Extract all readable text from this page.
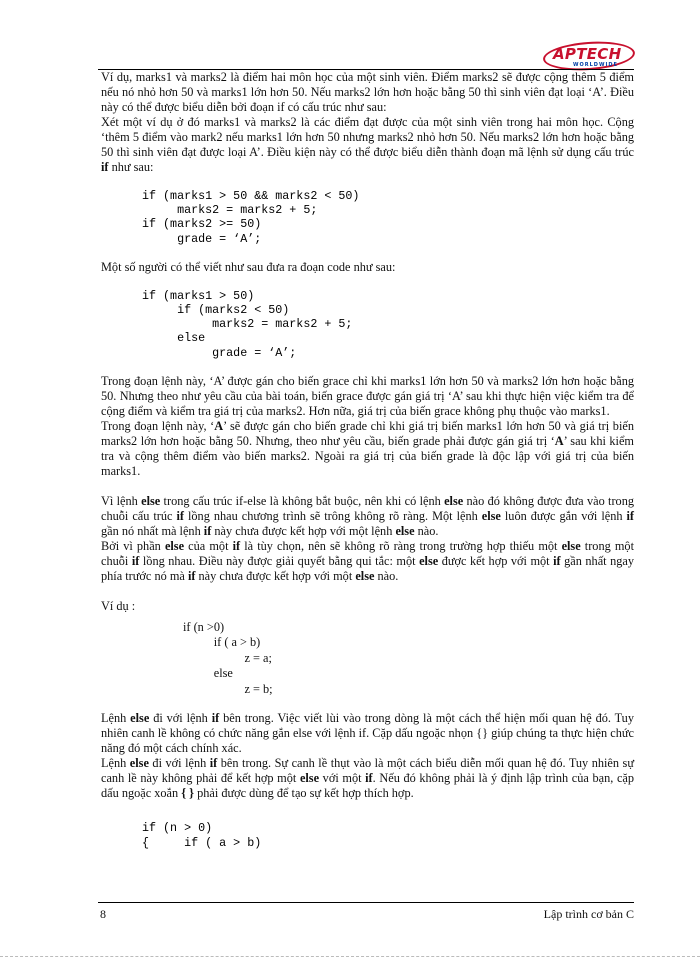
APTECH
WORLDWIDE

Ví dụ, marks1 và marks2 là điểm hai môn học của một sinh viên. Điểm marks2 sẽ được cộng thêm 5 điểm nếu nó nhỏ hơn 50 và marks1 lớn hơn 50. Nếu marks2 lớn hơn hoặc bằng 50 thì sinh viên đạt loại ‘A’. Điều này có thể được biểu diễn bởi đoạn if có cấu trúc như sau:

Xét một ví dụ ở đó marks1 và marks2 là các điểm đạt được của một sinh viên trong hai môn học. Cộng ‘thêm 5 điểm vào mark2 nếu marks1 lớn hơn 50 nhưng marks2 nhỏ hơn 50. Nếu marks2 lớn hơn hoặc bằng 50 thì sinh viên đạt được loại A’. Điều kiện này có thể được biểu diễn thành đoạn mã lệnh sử dụng cấu trúc if như sau:

if (marks1 > 50 && marks2 < 50)
marks2 = marks2 + 5;
if (marks2 >= 50)
grade = ‘A’;

Một số người có thể viết như sau đưa ra đoạn code như sau:

if (marks1 > 50)
if (marks2 < 50)
marks2 = marks2 + 5;
else
grade = ‘A’;

Trong đoạn lệnh này, ‘A’ được gán cho biến grace chỉ khi marks1 lớn hơn 50 và marks2 lớn hơn hoặc bằng 50. Nhưng theo như yêu cầu của bài toán, biến grace được gán giá trị ‘A’ sau khi thực hiện việc kiểm tra để cộng điểm và kiểm tra giá trị của marks2. Hơn nữa, giá trị của biến grace không phụ thuộc vào marks1.

Trong đoạn lệnh này, ‘A’ sẽ được gán cho biến grade chỉ khi giá trị biến marks1 lớn hơn 50 và giá trị biến marks2 lớn hơn hoặc bằng 50. Nhưng, theo như yêu cầu, biến grade phải được gán giá trị ‘A’ sau khi kiểm tra và cộng thêm điểm vào biến marks2. Ngoài ra giá trị của biến grade là độc lập với giá trị của biến marks1.

Vì lệnh else trong cấu trúc if-else là không bắt buộc, nên khi có lệnh else nào đó không được đưa vào trong chuỗi cấu trúc if lồng nhau chương trình sẽ trông không rõ ràng. Một lệnh else luôn được gắn với lệnh if gần nó nhất mà lệnh if này chưa được kết hợp với một lệnh else nào.

Bởi vì phần else của một if là tùy chọn, nên sẽ không rõ ràng trong trường hợp thiếu một else trong một chuỗi if lồng nhau. Điều này được giải quyết bằng qui tắc: một else được kết hợp với một if gần nhất ngay phía trước nó mà if này chưa được kết hợp với một else nào.

Ví dụ :

if (n >0)
if ( a > b)
z = a;
else
z = b;

Lệnh else đi với lệnh if bên trong. Việc viết lùi vào trong dòng là một cách thể hiện mối quan hệ đó. Tuy nhiên canh lề không có chức năng gắn else với lệnh if. Cặp dấu ngoặc nhọn {} giúp chúng ta thực hiện chức năng đó một cách chính xác.

Lệnh else đi với lệnh if bên trong. Sự canh lề thụt vào là một cách biểu diễn mối quan hệ đó. Tuy nhiên sự canh lề này không phải để kết hợp một else với một if. Nếu đó không phải là ý định lập trình của bạn, cặp dấu ngoặc xoắn { } phải được dùng để tạo sự kết hợp thích hợp.

if (n > 0)
{     if ( a > b)
8	Lập trình cơ bản C
